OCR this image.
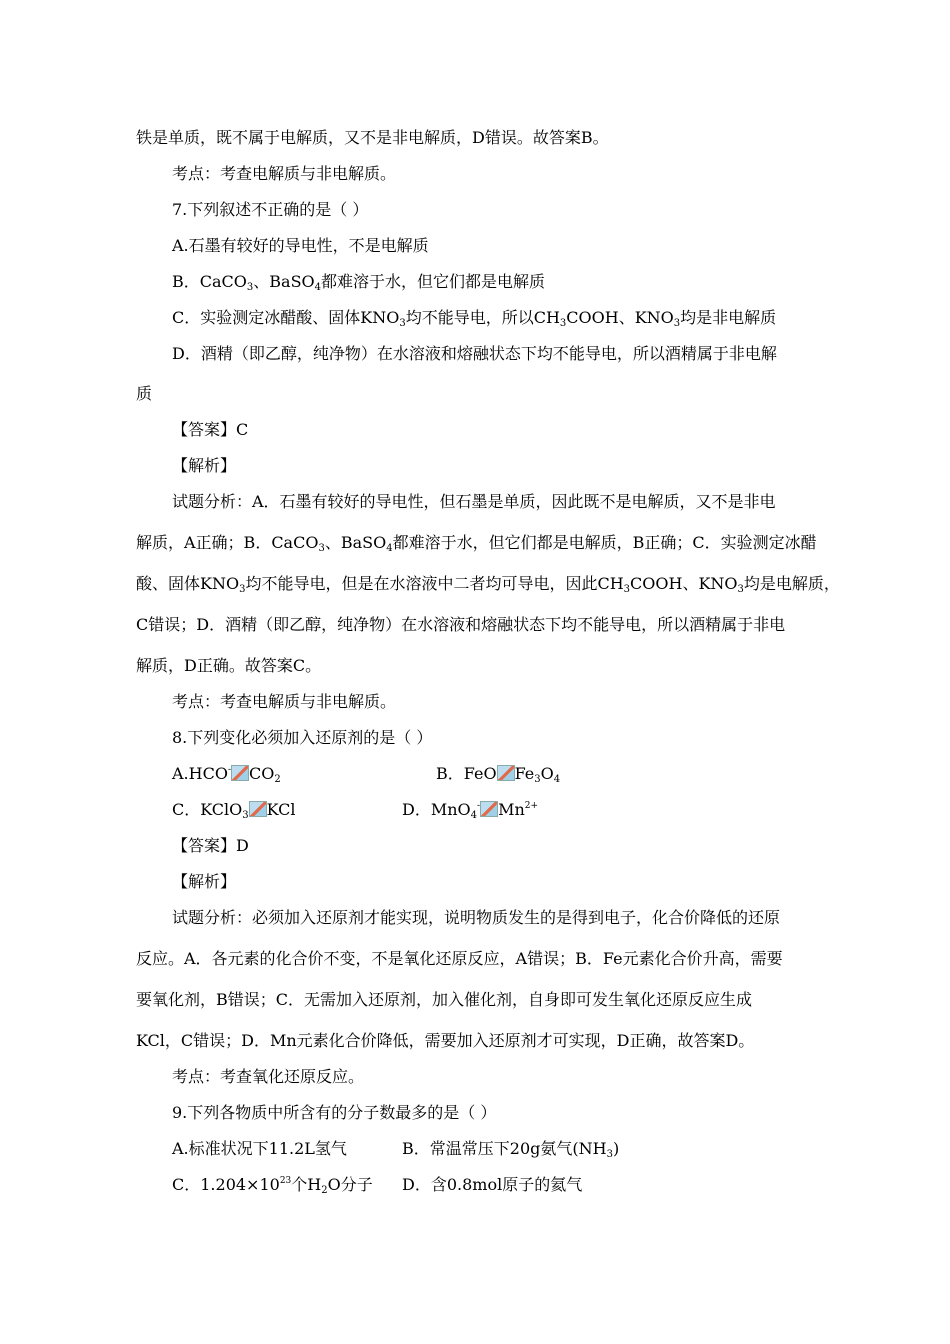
铁是单质，既不属于电解质，又不是非电解质，D错误。故答案B。
考点：考查电解质与非电解质。
7.下列叙述不正确的是（ ）
A.石墨有较好的导电性，不是电解质
B．CaCO$_3$、BaSO$_4$都难溶于水，但它们都是电解质
C．实验测定冰醋酸、固体$KNO_3$均不能导电，所以$CH_3COOH$、$KNO_3$均是非电解质
D．酒精（即乙醇，纯净物）在水溶液和熔融状态下均不能导电，所以酒精属于非电解
质
【答案】C
【解析】
试题分析：A．石墨有较好的导电性，但石墨是单质，因此既不是电解质，又不是非电
解质，A正确；B．CaCO$_3$、BaSO$_4$都难溶于水，但它们都是电解质，B正确；C．实验测定冰醋
酸、固体$KNO_3$均不能导电，但是在水溶液中二者均可导电，因此$CH_3COOH$、$KNO_3$均是电解质，
C错误；D．酒精（即乙醇，纯净物）在水溶液和熔融状态下均不能导电，所以酒精属于非电
解质，D正确。故答案C。
考点：考查电解质与非电解质。
8.下列变化必须加入还原剂的是（ ）
A.HCO- $CO_2$	B．FeO $Fe_3O_4$
C．KClO$_3$ KCl	D．MnO$_4$- $Mn^{2+}$
【答案】D
【解析】
试题分析：必须加入还原剂才能实现，说明物质发生的是得到电子，化合价降低的还原
反应。A．各元素的化合价不变，不是氧化还原反应，A错误；B．Fe元素化合价升高，需要
要氧化剂，B错误；C．无需加入还原剂，加入催化剂，自身即可发生氧化还原反应生成
KCl，C错误；D．Mn元素化合价降低，需要加入还原剂才可实现，D正确，故答案D。
考点：考查氧化还原反应。
9.下列各物质中所含有的分子数最多的是（ ）
A.标准状况下11.2L氢气	B．常温常压下20g氨气$(NH_3)$
C．$1.204\times 10^{23}$个$H_2O$分子 D．含0.8mol原子的氦气
